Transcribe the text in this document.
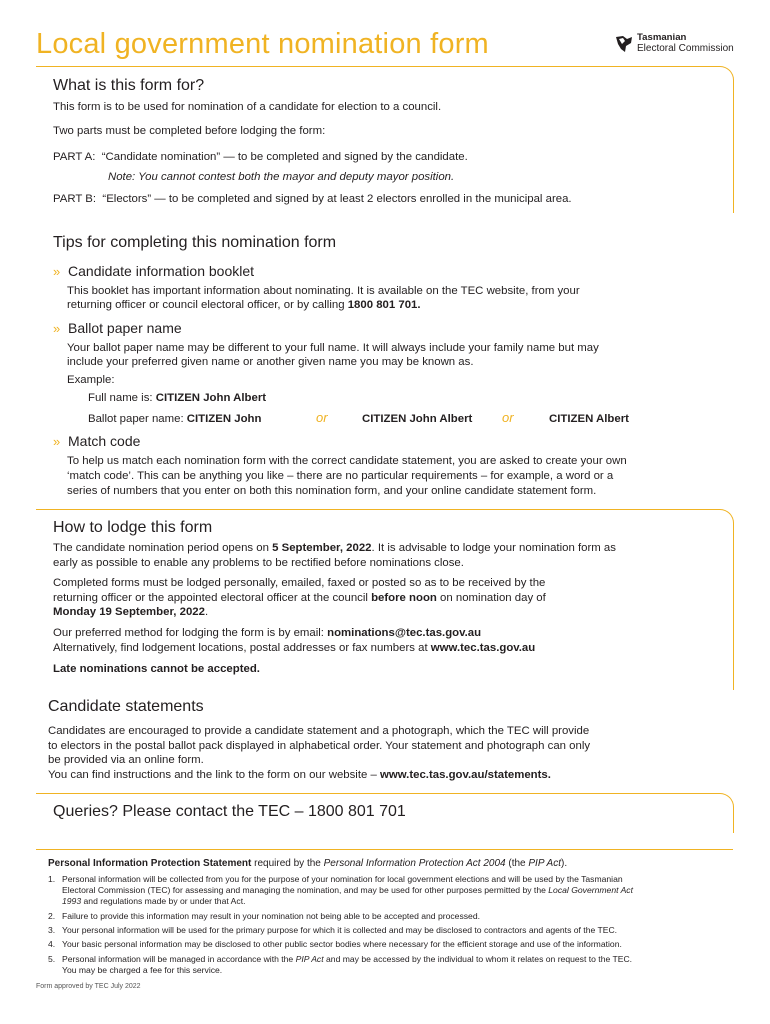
Local government nomination form	Tasmanian
Electoral Commission
What is this form for?
This form is to be used for nomination of a candidate for election to a council.
Two parts must be completed before lodging the form:
PART A: “Candidate nomination” — to be completed and signed by the candidate.
Note: You cannot contest both the mayor and deputy mayor position.
PART B: “Electors” — to be completed and signed by at least 2 electors enrolled in the municipal area.
Tips for completing this nomination form
» Candidate information booklet
This booklet has important information about nominating. It is available on the TEC website, from your
returning officer or council electoral officer, or by calling 1800 801 701.
» Ballot paper name
Your ballot paper name may be different to your full name. It will always include your family name but may
include your preferred given name or another given name you may be known as.
Example:
Full name is: CITIZEN John Albert
Ballot paper name: CITIZEN John	or	CITIZEN John Albert or	CITIZEN Albert
» Match code
To help us match each nomination form with the correct candidate statement, you are asked to create your own
‘match code’. This can be anything you like – there are no particular requirements – for example, a word or a
series of numbers that you enter on both this nomination form, and your online candidate statement form.
How to lodge this form
The candidate nomination period opens on 5 September, 2022. It is advisable to lodge your nomination form as
early as possible to enable any problems to be rectified before nominations close.
Completed forms must be lodged personally, emailed, faxed or posted so as to be received by the
returning officer or the appointed electoral officer at the council before noon on nomination day of
Monday 19 September, 2022.
Our preferred method for lodging the form is by email: nominations@tec.tas.gov.au
Alternatively, find lodgement locations, postal addresses or fax numbers at www.tec.tas.gov.au
Late nominations cannot be accepted.
Candidate statements
Candidates are encouraged to provide a candidate statement and a photograph, which the TEC will provide
to electors in the postal ballot pack displayed in alphabetical order. Your statement and photograph can only
be provided via an online form.
You can find instructions and the link to the form on our website – www.tec.tas.gov.au/statements.
Queries? Please contact the TEC – 1800 801 701
Personal Information Protection Statement required by the Personal Information Protection Act 2004 (the PIP Act).
1. Personal information will be collected from you for the purpose of your nomination for local government elections and will be used by the Tasmanian
Electoral Commission (TEC) for assessing and managing the nomination, and may be used for other purposes permitted by the Local Government Act
1993 and regulations made by or under that Act.
2. Failure to provide this information may result in your nomination not being able to be accepted and processed.
3. Your personal information will be used for the primary purpose for which it is collected and may be disclosed to contractors and agents of the TEC.
4. Your basic personal information may be disclosed to other public sector bodies where necessary for the efficient storage and use of the information.
5. Personal information will be managed in accordance with the PIP Act and may be accessed by the individual to whom it relates on request to the TEC.
You may be charged a fee for this service.
Form approved by TEC July 2022
